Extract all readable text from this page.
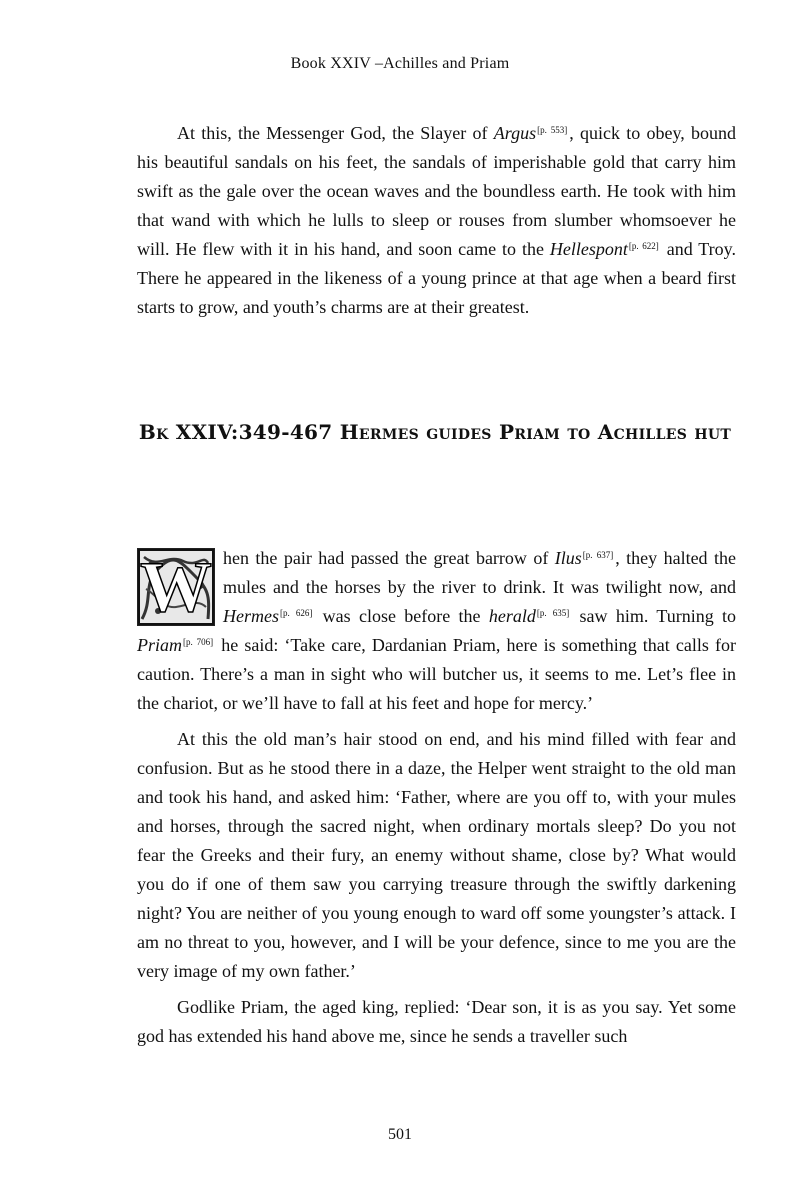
Book XXIV –Achilles and Priam

At this, the Messenger God, the Slayer of Argus[p. 553] , quick to obey, bound his beautiful sandals on his feet, the sandals of imperishable gold that carry him swift as the gale over the ocean waves and the boundless earth. He took with him that wand with which he lulls to sleep or rouses from slumber whomsoever he will. He flew with it in his hand, and soon came to the Hellespont[p. 622] and Troy. There he appeared in the likeness of a young prince at that age when a beard first starts to grow, and youth’s charms are at their greatest.

Bk XXIV:349-467 Hermes guides Priam to Achilles hut

W hen the pair had passed the great barrow of Ilus[p. 637] , they halted the mules and the horses by the river to drink. It was twilight now, and Hermes[p. 626] was close before the herald[p. 635] saw him. Turning to Priam[p. 706] he said: ‘Take care, Dardanian Priam, here is something that calls for caution. There’s a man in sight who will butcher us, it seems to me. Let’s flee in the chariot, or we’ll have to fall at his feet and hope for mercy.’

At this the old man’s hair stood on end, and his mind filled with fear and confusion. But as he stood there in a daze, the Helper went straight to the old man and took his hand, and asked him: ‘Father, where are you off to, with your mules and horses, through the sacred night, when ordinary mortals sleep? Do you not fear the Greeks and their fury, an enemy without shame, close by? What would you do if one of them saw you carrying treasure through the swiftly darkening night? You are neither of you young enough to ward off some youngster’s attack. I am no threat to you, however, and I will be your defence, since to me you are the very image of my own father.’

Godlike Priam, the aged king, replied: ‘Dear son, it is as you say. Yet some god has extended his hand above me, since he sends a traveller such

501
